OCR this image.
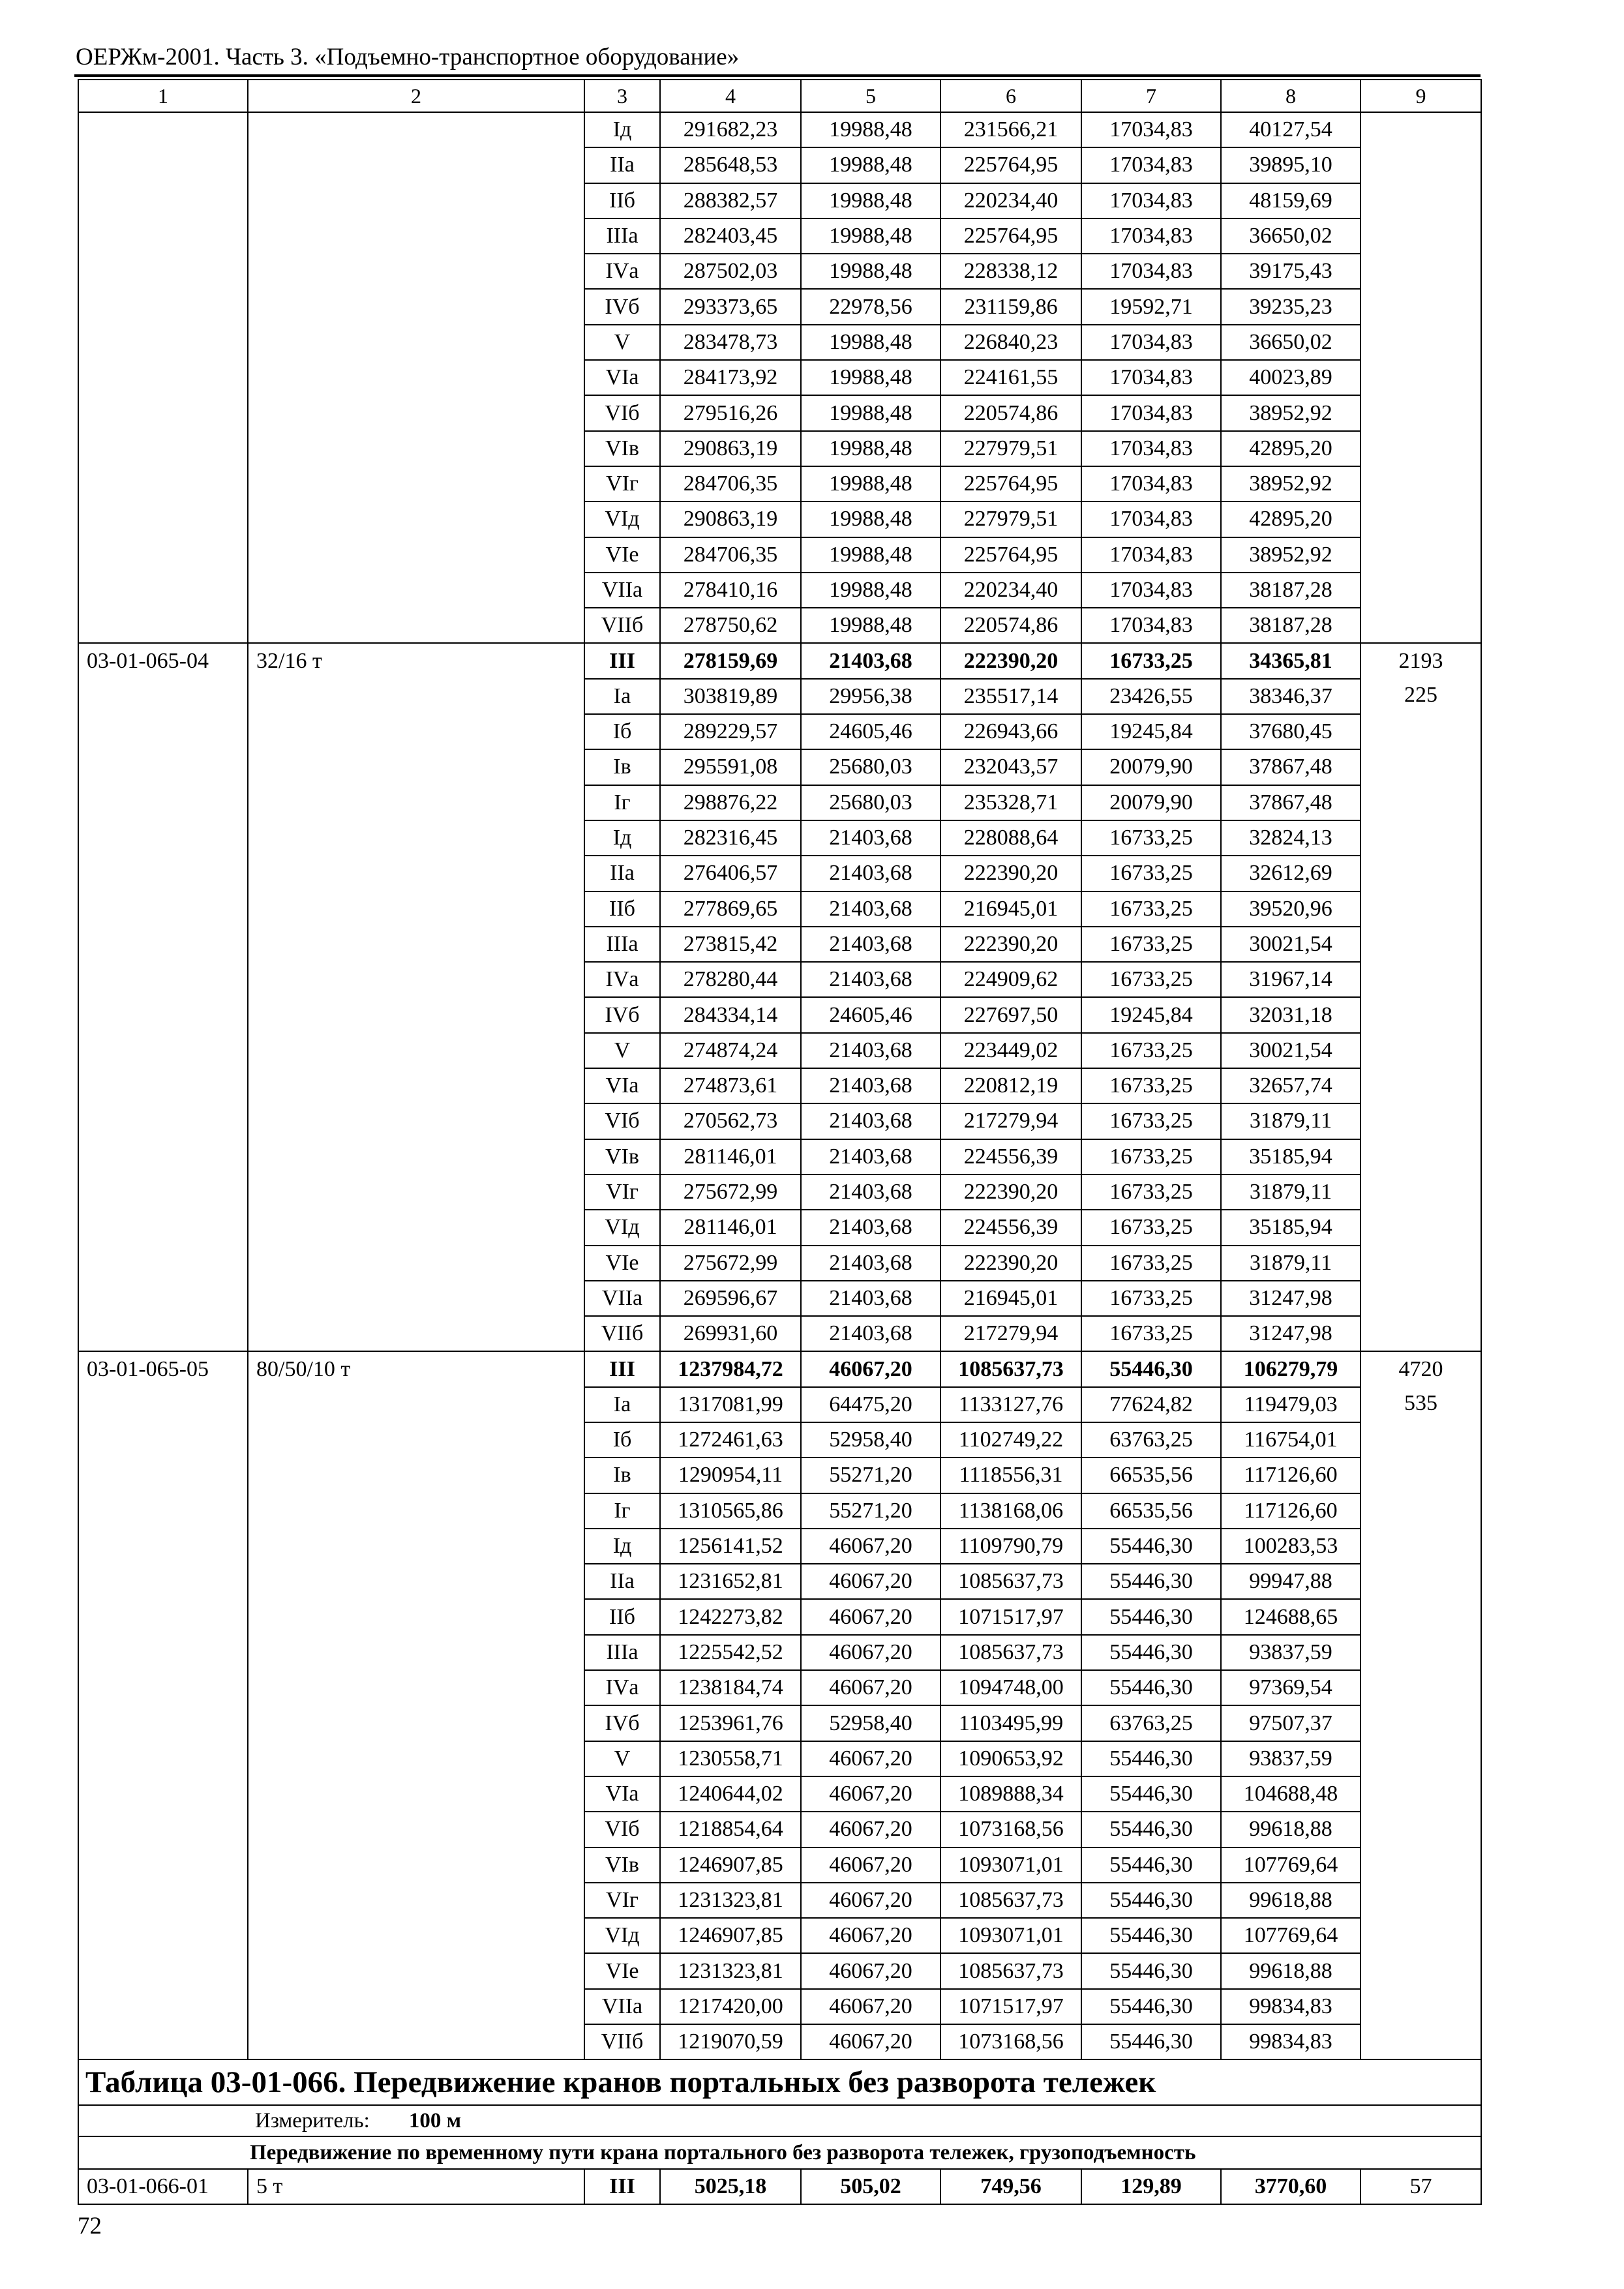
ОЕРЖм-2001. Часть 3. «Подъемно-транспортное оборудование»
1	2	3	4	5	6	7	8	9
		Iд	291682,23	19988,48	231566,21	17034,83	40127,54	
		IIа	285648,53	19988,48	225764,95	17034,83	39895,10	
		IIб	288382,57	19988,48	220234,40	17034,83	48159,69	
		IIIа	282403,45	19988,48	225764,95	17034,83	36650,02	
		IVа	287502,03	19988,48	228338,12	17034,83	39175,43	
		IVб	293373,65	22978,56	231159,86	19592,71	39235,23	
		V	283478,73	19988,48	226840,23	17034,83	36650,02	
		VIа	284173,92	19988,48	224161,55	17034,83	40023,89	
		VIб	279516,26	19988,48	220574,86	17034,83	38952,92	
		VIв	290863,19	19988,48	227979,51	17034,83	42895,20	
		VIг	284706,35	19988,48	225764,95	17034,83	38952,92	
		VIд	290863,19	19988,48	227979,51	17034,83	42895,20	
		VIе	284706,35	19988,48	225764,95	17034,83	38952,92	
		VIIа	278410,16	19988,48	220234,40	17034,83	38187,28	
		VIIб	278750,62	19988,48	220574,86	17034,83	38187,28	
03-01-065-04	32/16 т	III	278159,69	21403,68	222390,20	16733,25	34365,81	2193
225

		Iа	303819,89	29956,38	235517,14	23426,55	38346,37	
		Iб	289229,57	24605,46	226943,66	19245,84	37680,45	
		Iв	295591,08	25680,03	232043,57	20079,90	37867,48	
		Iг	298876,22	25680,03	235328,71	20079,90	37867,48	
		Iд	282316,45	21403,68	228088,64	16733,25	32824,13	
		IIа	276406,57	21403,68	222390,20	16733,25	32612,69	
		IIб	277869,65	21403,68	216945,01	16733,25	39520,96	
		IIIа	273815,42	21403,68	222390,20	16733,25	30021,54	
		IVа	278280,44	21403,68	224909,62	16733,25	31967,14	
		IVб	284334,14	24605,46	227697,50	19245,84	32031,18	
		V	274874,24	21403,68	223449,02	16733,25	30021,54	
		VIа	274873,61	21403,68	220812,19	16733,25	32657,74	
		VIб	270562,73	21403,68	217279,94	16733,25	31879,11	
		VIв	281146,01	21403,68	224556,39	16733,25	35185,94	
		VIг	275672,99	21403,68	222390,20	16733,25	31879,11	
		VIд	281146,01	21403,68	224556,39	16733,25	35185,94	
		VIе	275672,99	21403,68	222390,20	16733,25	31879,11	
		VIIа	269596,67	21403,68	216945,01	16733,25	31247,98	
		VIIб	269931,60	21403,68	217279,94	16733,25	31247,98	
03-01-065-05	80/50/10 т	III	1237984,72	46067,20	1085637,73	55446,30	106279,79	4720
535

		Iа	1317081,99	64475,20	1133127,76	77624,82	119479,03	
		Iб	1272461,63	52958,40	1102749,22	63763,25	116754,01	
		Iв	1290954,11	55271,20	1118556,31	66535,56	117126,60	
		Iг	1310565,86	55271,20	1138168,06	66535,56	117126,60	
		Iд	1256141,52	46067,20	1109790,79	55446,30	100283,53	
		IIа	1231652,81	46067,20	1085637,73	55446,30	99947,88	
		IIб	1242273,82	46067,20	1071517,97	55446,30	124688,65	
		IIIа	1225542,52	46067,20	1085637,73	55446,30	93837,59	
		IVа	1238184,74	46067,20	1094748,00	55446,30	97369,54	
		IVб	1253961,76	52958,40	1103495,99	63763,25	97507,37	
		V	1230558,71	46067,20	1090653,92	55446,30	93837,59	
		VIа	1240644,02	46067,20	1089888,34	55446,30	104688,48	
		VIб	1218854,64	46067,20	1073168,56	55446,30	99618,88	
		VIв	1246907,85	46067,20	1093071,01	55446,30	107769,64	
		VIг	1231323,81	46067,20	1085637,73	55446,30	99618,88	
		VIд	1246907,85	46067,20	1093071,01	55446,30	107769,64	
		VIе	1231323,81	46067,20	1085637,73	55446,30	99618,88	
		VIIа	1217420,00	46067,20	1071517,97	55446,30	99834,83	
		VIIб	1219070,59	46067,20	1073168,56	55446,30	99834,83	
Таблица 03-01-066. Передвижение кранов портальных без разворота тележек								
Измеритель: 100 м								
Передвижение по временному пути крана портального без разворота тележек, грузоподъемность								
03-01-066-01	5 т	III	5025,18	505,02	749,56	129,89	3770,60	57
72
